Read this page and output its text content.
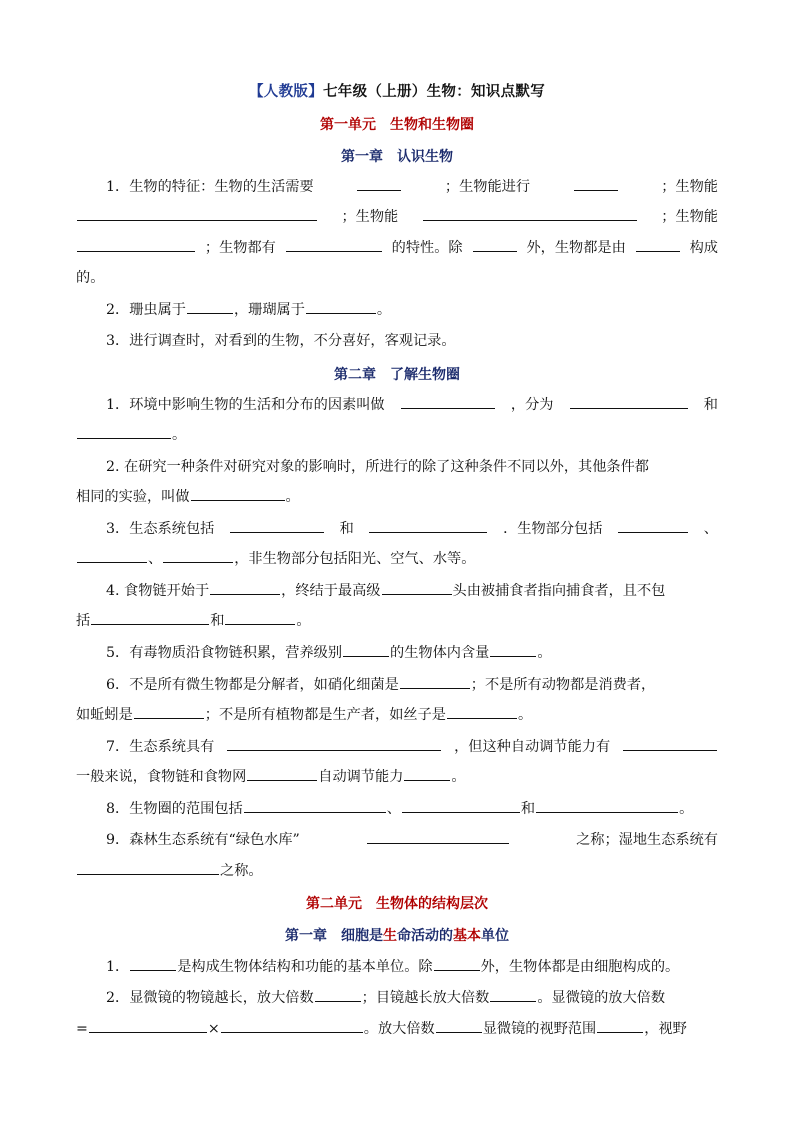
【人教版】七年级（上册）生物：知识点默写
第一单元　生物和生物圈
第一章　认识生物
1．生物的特征：生物的生活需要	；生物能进行	；生物能
；生物能	；生物能
；生物都有	的特性。除	外，生物都是由	构成
的。
2．珊虫属于	，珊瑚属于	。
3．进行调查时，对看到的生物，不分喜好，客观记录。
第二章　了解生物圈
1．环境中影响生物的生活和分布的因素叫做	，分为	和
。
2. 在研究一种条件对研究对象的影响时，所进行的除了这种条件不同以外，其他条件都
相同的实验，叫做	。
3．生态系统包括	和	．生物部分包括	、
、	，非生物部分包括阳光、空气、水等。
4. 食物链开始于	，终结于最高级	头由被捕食者指向捕食者，且不包
括	和	。
5．有毒物质沿食物链积累，营养级别	的生物体内含量	。
6．不是所有微生物都是分解者，如硝化细菌是	；不是所有动物都是消费者，
如蚯蚓是	；不是所有植物都是生产者，如丝子是	。
7．生态系统具有	，但这种自动调节能力有
一般来说，食物链和食物网	自动调节能力	。
8．生物圈的范围包括	、	和	。
9．森林生态系统有“绿色水库”	之称；湿地生态系统有
之称。
第二单元　生物体的结构层次
第一章　细胞是生命活动的基本单位
1．	是构成生物体结构和功能的基本单位。除	外，生物体都是由细胞构成的。
2．显微镜的物镜越长，放大倍数	；目镜越长放大倍数	。显微镜的放大倍数
=	×	。放大倍数	显微镜的视野范围	，视野
